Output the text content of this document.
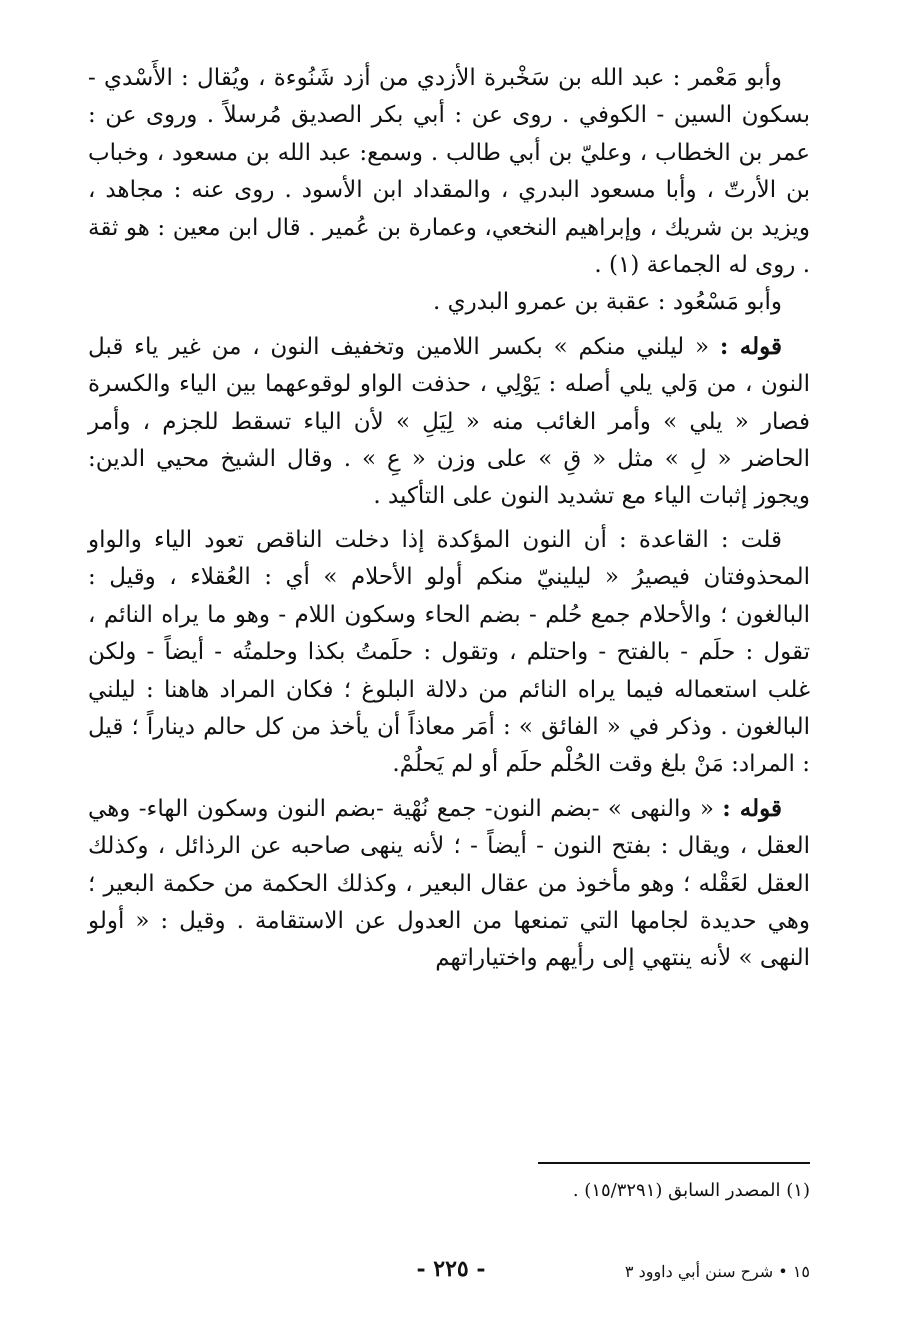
وأبو مَعْمر : عبد الله بن سَخْبرة الأزدي من أزد شَنُوءة ، ويُقال : الأَسْدي - بسكون السين - الكوفي . روى عن : أبي بكر الصديق مُرسلاً . وروى عن : عمر بن الخطاب ، وعليّ بن أبي طالب . وسمع: عبد الله بن مسعود ، وخباب بن الأرتّ ، وأبا مسعود البدري ، والمقداد ابن الأسود . روى عنه : مجاهد ، ويزيد بن شريك ، وإبراهيم النخعي، وعمارة بن عُمير . قال ابن معين : هو ثقة . روى له الجماعة (١) .

وأبو مَسْعُود : عقبة بن عمرو البدري .

قوله : « ليلني منكم » بكسر اللامين وتخفيف النون ، من غير ياء قبل النون ، من وَلي يلي أصله : يَوْلِي ، حذفت الواو لوقوعهما بين الياء والكسرة فصار « يلي » وأمر الغائب منه « لِيَلِ » لأن الياء تسقط للجزم ، وأمر الحاضر « لِ » مثل « قِ » على وزن « عِ » . وقال الشيخ محيي الدين: ويجوز إثبات الياء مع تشديد النون على التأكيد .

قلت : القاعدة : أن النون المؤكدة إذا دخلت الناقص تعود الياء والواو المحذوفتان فيصيرُ « ليلينيّ منكم أولو الأحلام » أي : العُقلاء ، وقيل : البالغون ؛ والأحلام جمع حُلم - بضم الحاء وسكون اللام - وهو ما يراه النائم ، تقول : حلَم - بالفتح - واحتلم ، وتقول : حلَمتُ بكذا وحلمتُه - أيضاً - ولكن غلب استعماله فيما يراه النائم من دلالة البلوغ ؛ فكان المراد هاهنا : ليلني البالغون . وذكر في « الفائق » : أمَر معاذاً أن يأخذ من كل حالم ديناراً ؛ قيل : المراد: مَنْ بلغ وقت الحُلْم حلَم أو لم يَحلُمْ.

قوله : « والنهى » -بضم النون- جمع نُهْية -بضم النون وسكون الهاء- وهي العقل ، ويقال : بفتح النون - أيضاً - ؛ لأنه ينهى صاحبه عن الرذائل ، وكذلك العقل لعَقْله ؛ وهو مأخوذ من عقال البعير ، وكذلك الحكمة من حكمة البعير ؛ وهي حديدة لجامها التي تمنعها من العدول عن الاستقامة . وقيل : « أولو النهى » لأنه ينتهي إلى رأيهم واختياراتهم

(١) المصدر السابق (١٥/٣٢٩١) .

١٥ • شرح سنن أبي داوود ٣
- ٢٢٥ -
